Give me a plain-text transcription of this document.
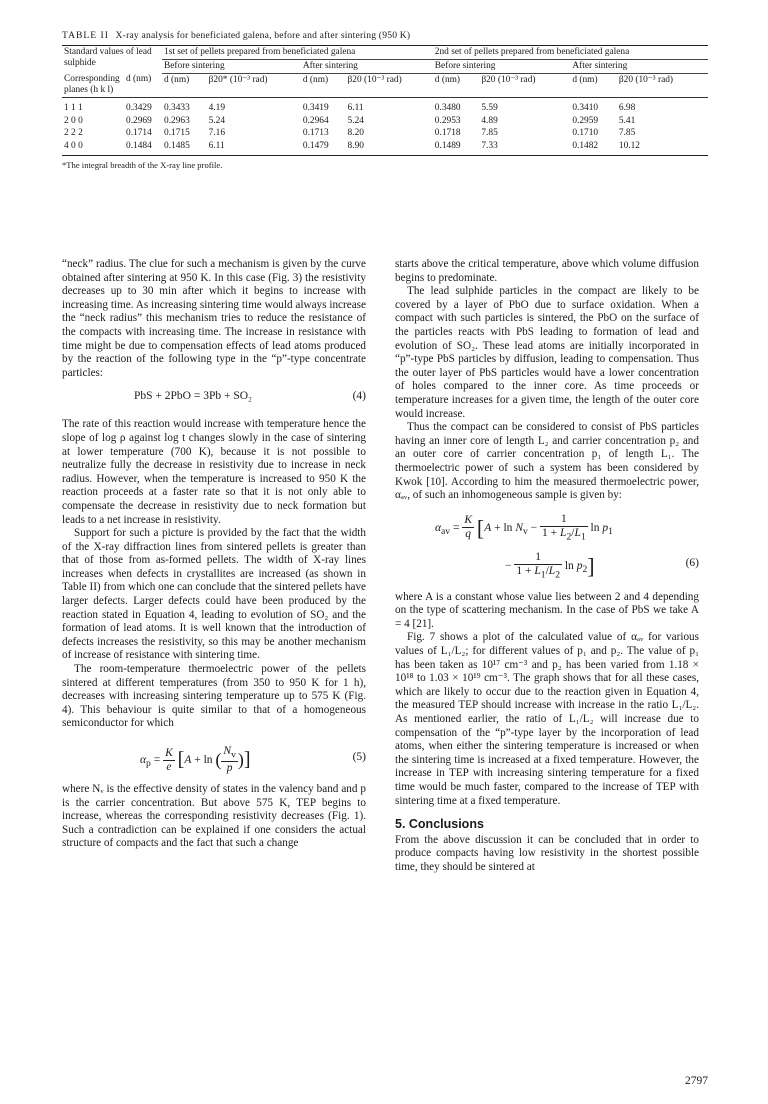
TABLE II X-ray analysis for beneficiated galena, before and after sintering (950 K)
Standard values of lead sulphide		1st set of pellets prepared from beneficiated galena				2nd set of pellets prepared from beneficiated galena			
		Before sintering		After sintering		Before sintering		After sintering	
Corresponding planes (h k l)	d (nm)	d (nm)	β20* (10⁻³ rad)	d (nm)	β20 (10⁻³ rad)	d (nm)	β20 (10⁻³ rad)	d (nm)	β20 (10⁻³ rad)
1 1 1	0.3429	0.3433	4.19	0.3419	6.11	0.3480	5.59	0.3410	6.98
2 0 0	0.2969	0.2963	5.24	0.2964	5.24	0.2953	4.89	0.2959	5.41
2 2 2	0.1714	0.1715	7.16	0.1713	8.20	0.1718	7.85	0.1710	7.85
4 0 0	0.1484	0.1485	6.11	0.1479	8.90	0.1489	7.33	0.1482	10.12
*The integral breadth of the X-ray line profile.

“neck” radius. The clue for such a mechanism is given by the curve obtained after sintering at 950 K. In this case (Fig. 3) the resistivity decreases up to 30 min after which it begins to increase with increasing time. As increasing sintering time would always increase the “neck radius” this mechanism tries to reduce the resistance of the compacts with increasing time. The increase in resistance with time might be due to compensation effects of lead atoms produced by the reaction of the following type in the “p”-type concentrate particles:

PbS + 2PbO = 3Pb + SO₂	(4)

The rate of this reaction would increase with temperature hence the slope of log ρ against log t changes slowly in the case of sintering at lower temperature (700 K), because it is not possible to neutralize fully the decrease in resistivity due to increase in neck radius. However, when the temperature is increased to 950 K the reaction proceeds at a faster rate so that it is not only able to compensate the decrease in resistivity due to neck formation but leads to a net increase in resistivity.

Support for such a picture is provided by the fact that the width of the X-ray diffraction lines from sintered pellets is greater than that of those from as-formed pellets. The width of X-ray lines increases when defects in crystallites are increased (as shown in Table II) from which one can conclude that the sintered pellets have larger defects. Larger defects could have been produced by the reaction stated in Equation 4, leading to evolution of SO₂ and the formation of lead atoms. It is well known that the introduction of defects increases the resistivity, so this may be another mechanism of increase of resistance with sintering time.

The room-temperature thermoelectric power of the pellets sintered at different temperatures (from 350 to 950 K for 1 h), decreases with increasing sintering temperature up to 575 K (Fig. 4). This behaviour is quite similar to that of a homogeneous semiconductor for which

$\alpha_p = \frac{K}{e} [A + \ln$ ( $\frac{N_v}{p}$ )]	(5)

where Nᵥ is the effective density of states in the valency band and p is the carrier concentration. But above 575 K, TEP begins to increase, whereas the corresponding resistivity decreases (Fig. 1). Such a contradiction can be explained if one considers the actual structure of compacts and the fact that such a change

starts above the critical temperature, above which volume diffusion begins to predominate.

The lead sulphide particles in the compact are likely to be covered by a layer of PbO due to surface oxidation. When a compact with such particles is sintered, the PbO on the surface of the particles reacts with PbS leading to formation of lead and evolution of SO₂. These lead atoms are initially incorporated in “p”-type PbS particles by diffusion, leading to compensation. Thus the outer layer of PbS particles would have a lower concentration of holes compared to the inner core. As time proceeds or temperature increases for a given time, the length of the outer core would increase.

Thus the compact can be considered to consist of PbS particles having an inner core of length L₂ and carrier concentration p₂ and an outer core of carrier concentration p₁ of length L₁. The thermoelectric power of such a system has been considered by Kwok [10]. According to him the measured thermoelectric power, αₐᵥ, of such an inhomogeneous sample is given by:

$\alpha_{av} = \frac{K}{q} [A + \ln N_v - \frac{1}{1 + L_2/L_1}$ $\ln p_1$
− $\frac{1}{1 + L_1/L_2}$ $\ln p_2$]	(6)

where A is a constant whose value lies between 2 and 4 depending on the type of scattering mechanism. In the case of PbS we take A = 4 [21].

Fig. 7 shows a plot of the calculated value of αₐᵥ for various values of L₁/L₂; for different values of p₁ and p₂. The value of p₁ has been taken as 10¹⁷ cm⁻³ and p₂ has been varied from 1.18 × 10¹⁸ to 1.03 × 10¹⁹ cm⁻³. The graph shows that for all these cases, which are likely to occur due to the reaction given in Equation 4, the measured TEP should increase with increase in the ratio L₁/L₂. As mentioned earlier, the ratio of L₁/L₂ will increase due to compensation of the “p”-type layer by the incorporation of lead atoms, when either the sintering temperature is increased or when the sintering time is increased at a fixed temperature. However, the increase in TEP with increasing sintering temperature for a fixed time would be much faster, compared to the increase of TEP with sintering time at a fixed temperature.

5. Conclusions

From the above discussion it can be concluded that in order to produce compacts having low resistivity in the shortest possible time, they should be sintered at

2797
